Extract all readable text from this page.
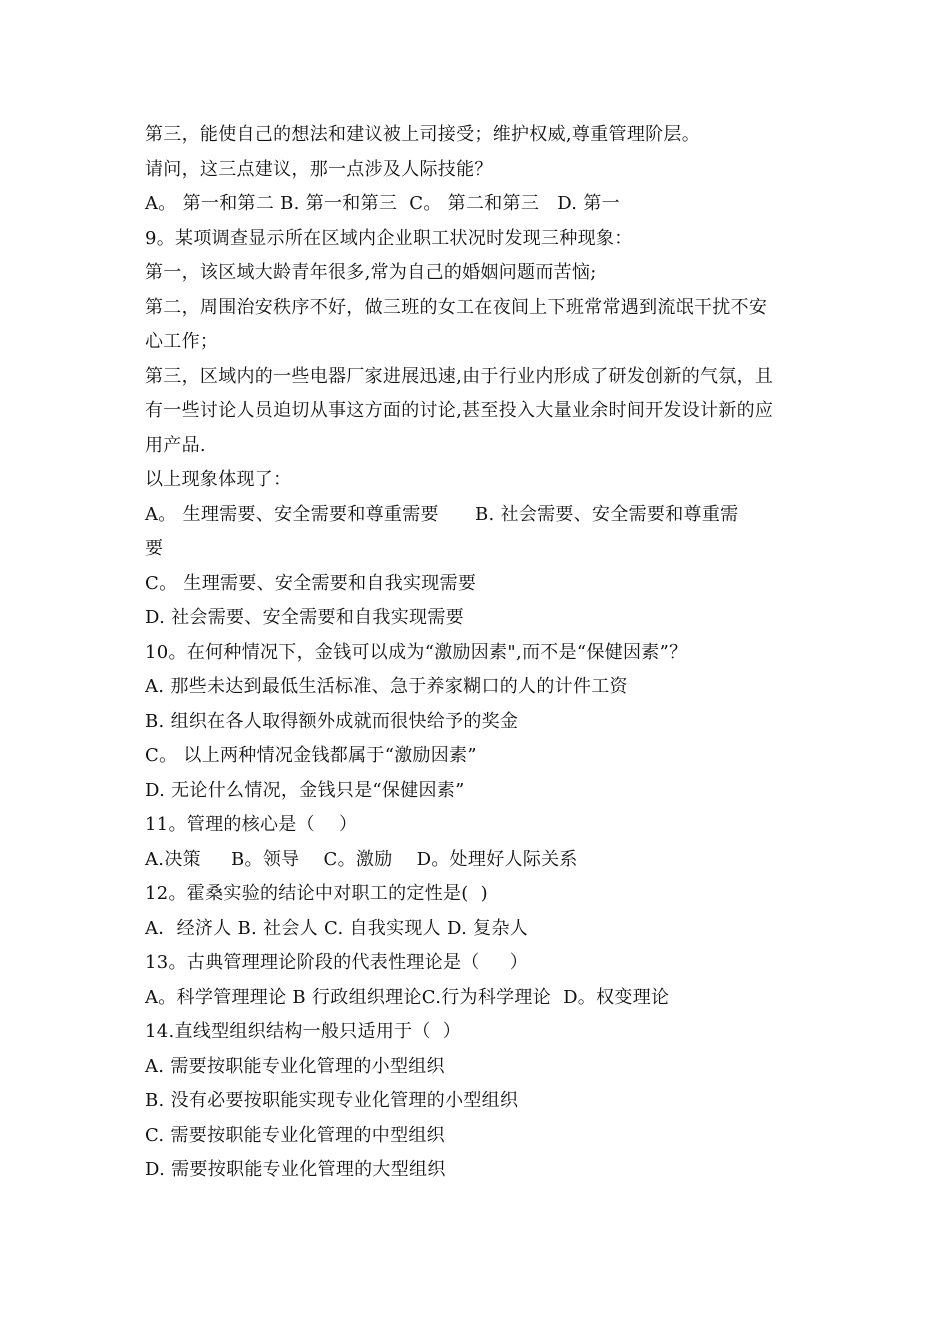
第三，能使自己的想法和建议被上司接受；维护权威,尊重管理阶层。
请问，这三点建议，那一点涉及人际技能？
A。 第一和第二 B. 第一和第三  C。 第二和第三   D. 第一
9。某项调查显示所在区域内企业职工状况时发现三种现象：
第一，该区域大龄青年很多,常为自己的婚姻问题而苦恼;
第二，周围治安秩序不好，做三班的女工在夜间上下班常常遇到流氓干扰不安
心工作；
第三，区域内的一些电器厂家进展迅速,由于行业内形成了研发创新的气氛，且
有一些讨论人员迫切从事这方面的讨论,甚至投入大量业余时间开发设计新的应
用产品.
以上现象体现了：
A。 生理需要、安全需要和尊重需要      B. 社会需要、安全需要和尊重需
要
C。 生理需要、安全需要和自我实现需要
D. 社会需要、安全需要和自我实现需要
10。在何种情况下，金钱可以成为“激励因素",而不是“保健因素”？
A. 那些未达到最低生活标准、急于养家糊口的人的计件工资
B. 组织在各人取得额外成就而很快给予的奖金
C。 以上两种情况金钱都属于“激励因素”
D. 无论什么情况，金钱只是“保健因素”
11。管理的核心是（    ）
A.决策     B。领导    C。激励    D。处理好人际关系
12。霍桑实验的结论中对职工的定性是(  )
A．经济人 B. 社会人 C. 自我实现人 D. 复杂人
13。古典管理理论阶段的代表性理论是（     ）
A。科学管理理论 B 行政组织理论C.行为科学理论  D。权变理论
14.直线型组织结构一般只适用于（  ）
A. 需要按职能专业化管理的小型组织
B. 没有必要按职能实现专业化管理的小型组织
C. 需要按职能专业化管理的中型组织
D. 需要按职能专业化管理的大型组织
